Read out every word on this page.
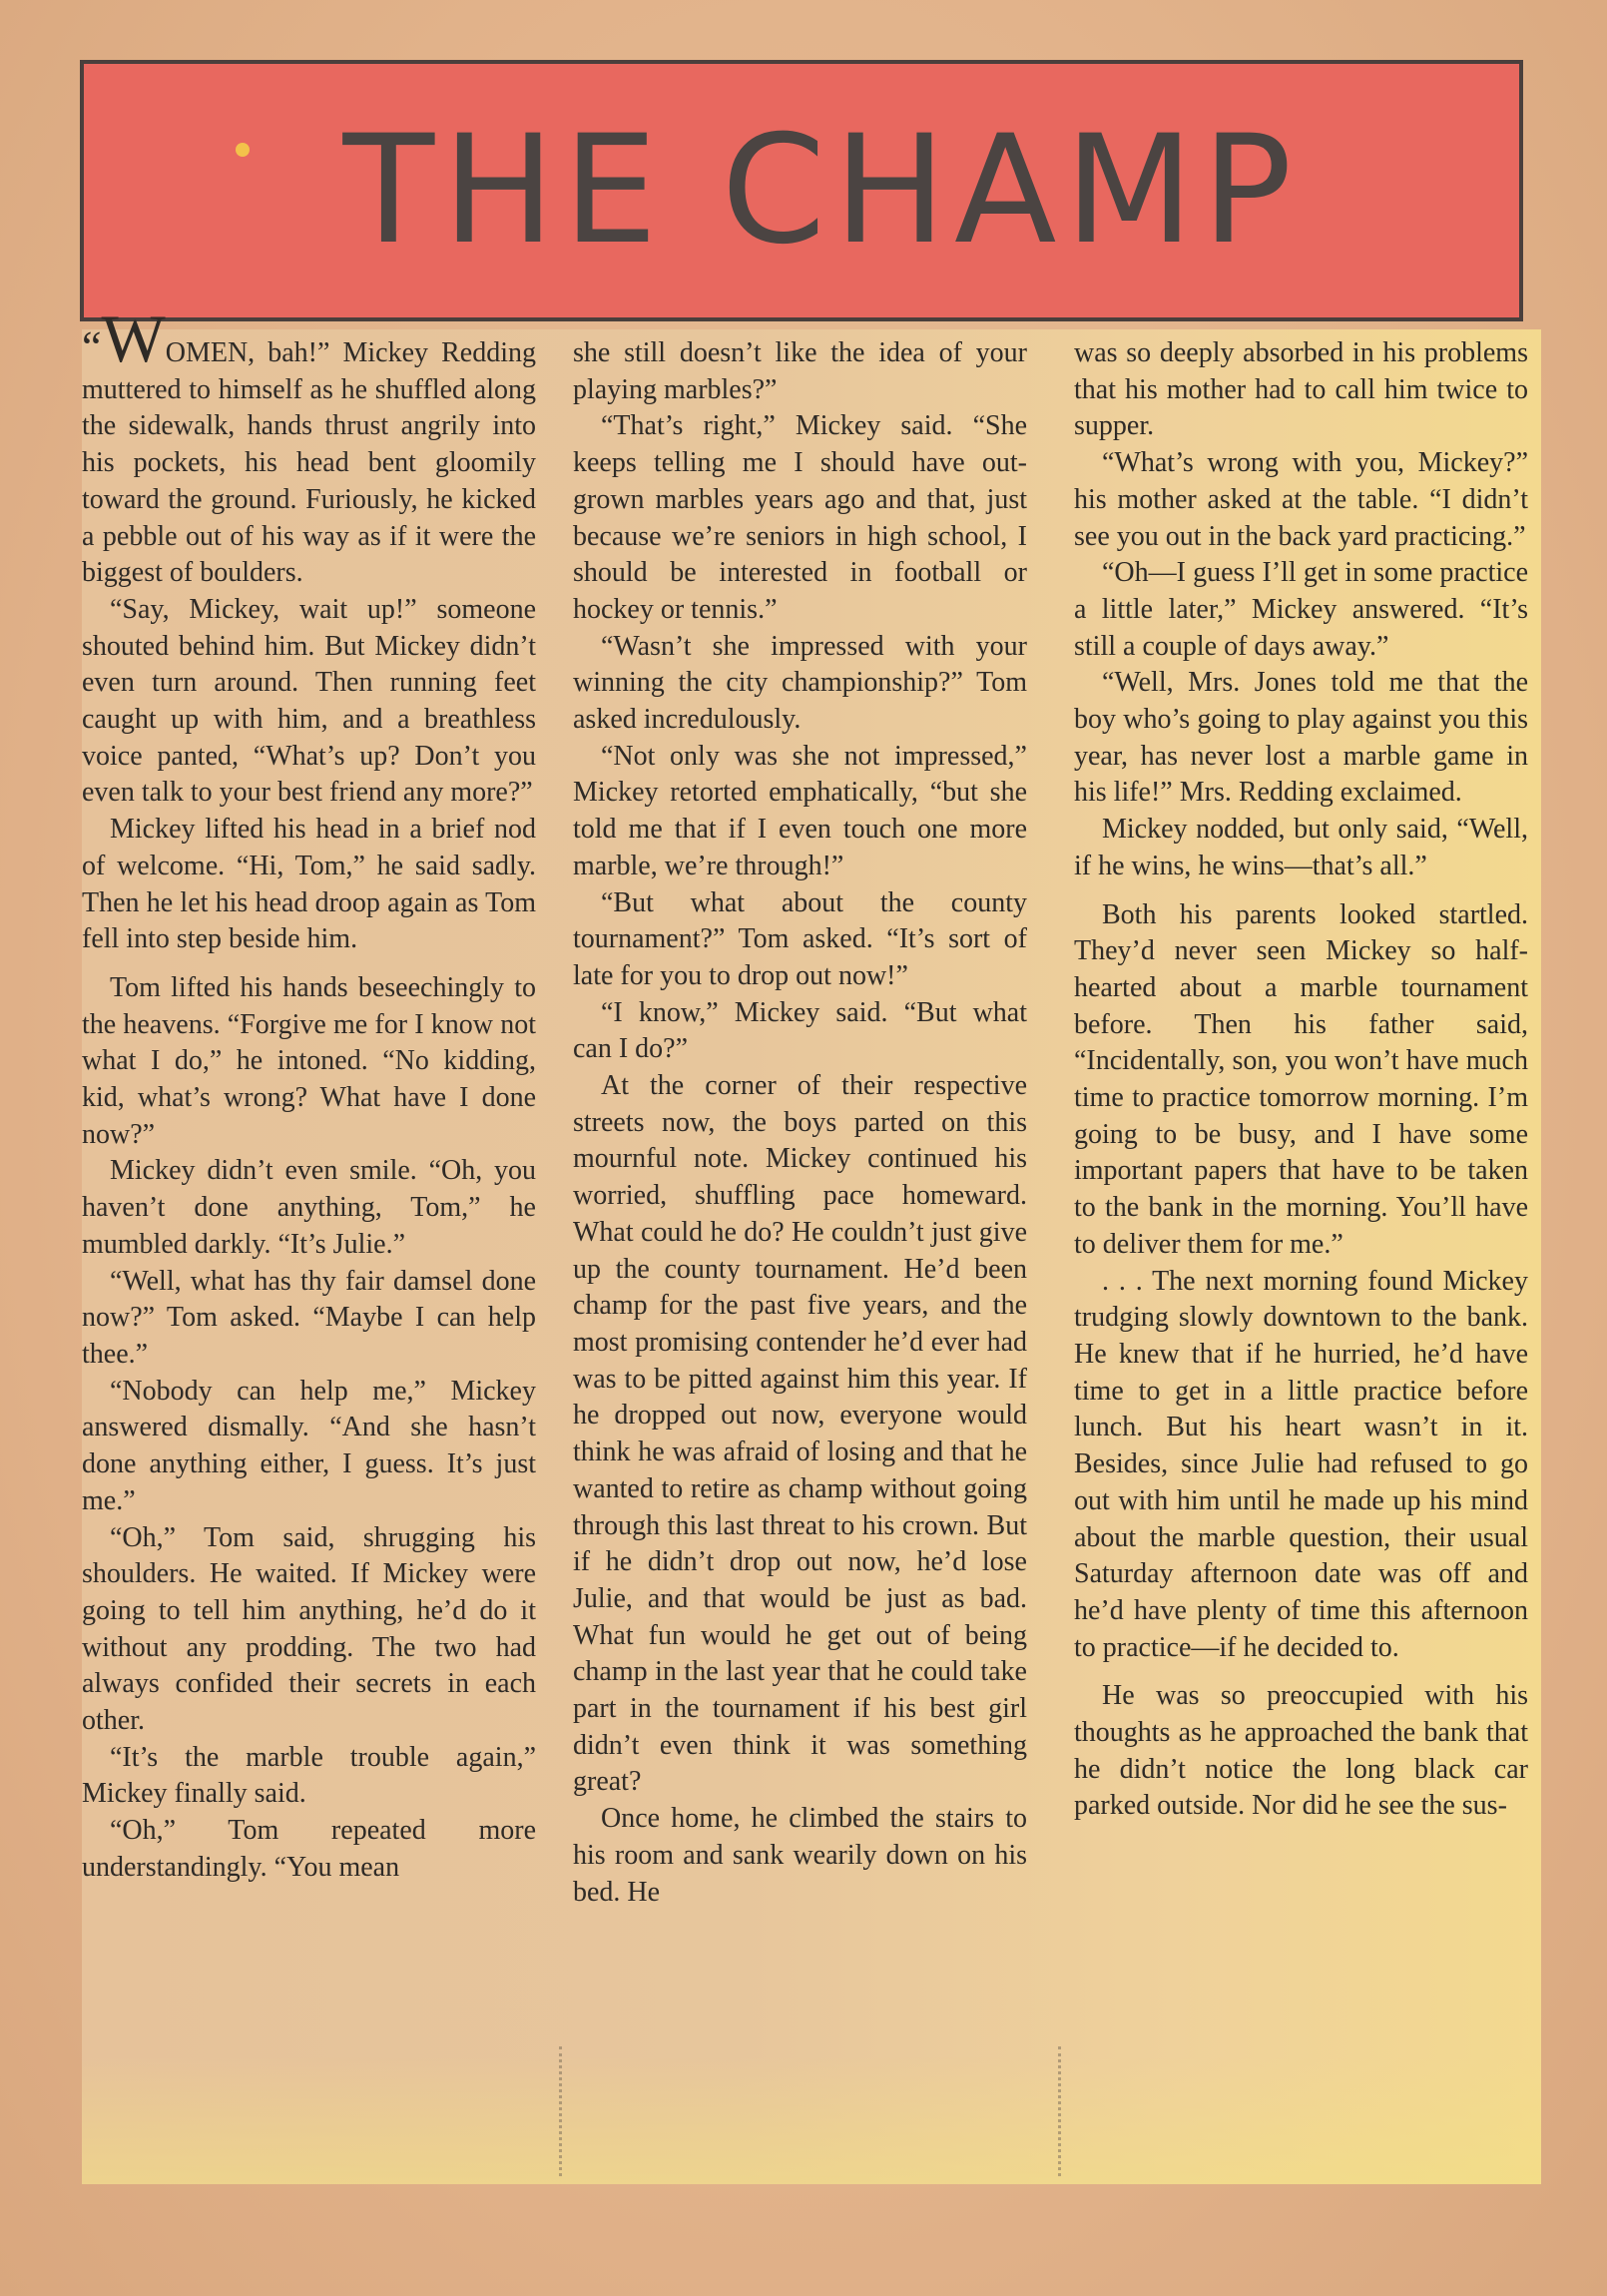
THE CHAMP

“WOMEN, bah!” Mickey Redding muttered to himself as he shuffled along the sidewalk, hands thrust angrily into his pockets, his head bent gloomily toward the ground. Furiously, he kicked a pebble out of his way as if it were the biggest of boulders.

“Say, Mickey, wait up!” someone shouted behind him. But Mickey didn’t even turn around. Then running feet caught up with him, and a breathless voice panted, “What’s up? Don’t you even talk to your best friend any more?”

Mickey lifted his head in a brief nod of welcome. “Hi, Tom,” he said sadly. Then he let his head droop again as Tom fell into step beside him.

Tom lifted his hands beseechingly to the heavens. “Forgive me for I know not what I do,” he intoned. “No kidding, kid, what’s wrong? What have I done now?”

Mickey didn’t even smile. “Oh, you haven’t done anything, Tom,” he mumbled darkly. “It’s Julie.”

“Well, what has thy fair damsel done now?” Tom asked. “Maybe I can help thee.”

“Nobody can help me,” Mickey answered dismally. “And she hasn’t done anything either, I guess. It’s just me.”

“Oh,” Tom said, shrugging his shoulders. He waited. If Mickey were going to tell him anything, he’d do it without any prodding. The two had always confided their secrets in each other.

“It’s the marble trouble again,” Mickey finally said.

“Oh,” Tom repeated more understandingly. “You mean

she still doesn’t like the idea of your playing marbles?”

“That’s right,” Mickey said. “She keeps telling me I should have out-grown marbles years ago and that, just because we’re seniors in high school, I should be interested in football or hockey or tennis.”

“Wasn’t she impressed with your winning the city championship?” Tom asked incredulously.

“Not only was she not impressed,” Mickey retorted emphatically, “but she told me that if I even touch one more marble, we’re through!”

“But what about the county tournament?” Tom asked. “It’s sort of late for you to drop out now!”

“I know,” Mickey said. “But what can I do?”

At the corner of their respective streets now, the boys parted on this mournful note. Mickey continued his worried, shuffling pace homeward. What could he do? He couldn’t just give up the county tournament. He’d been champ for the past five years, and the most promising contender he’d ever had was to be pitted against him this year. If he dropped out now, everyone would think he was afraid of losing and that he wanted to retire as champ without going through this last threat to his crown. But if he didn’t drop out now, he’d lose Julie, and that would be just as bad. What fun would he get out of being champ in the last year that he could take part in the tournament if his best girl didn’t even think it was something great?

Once home, he climbed the stairs to his room and sank wearily down on his bed. He

was so deeply absorbed in his problems that his mother had to call him twice to supper.

“What’s wrong with you, Mickey?” his mother asked at the table. “I didn’t see you out in the back yard practicing.”

“Oh—I guess I’ll get in some practice a little later,” Mickey answered. “It’s still a couple of days away.”

“Well, Mrs. Jones told me that the boy who’s going to play against you this year, has never lost a marble game in his life!” Mrs. Redding exclaimed.

Mickey nodded, but only said, “Well, if he wins, he wins—that’s all.”

Both his parents looked startled. They’d never seen Mickey so half-hearted about a marble tournament before. Then his father said, “Incidentally, son, you won’t have much time to practice tomorrow morning. I’m going to be busy, and I have some important papers that have to be taken to the bank in the morning. You’ll have to deliver them for me.”

. . . The next morning found Mickey trudging slowly downtown to the bank. He knew that if he hurried, he’d have time to get in a little practice before lunch. But his heart wasn’t in it. Besides, since Julie had refused to go out with him until he made up his mind about the marble question, their usual Saturday afternoon date was off and he’d have plenty of time this afternoon to practice—if he decided to.

He was so preoccupied with his thoughts as he approached the bank that he didn’t notice the long black car parked outside. Nor did he see the sus-
